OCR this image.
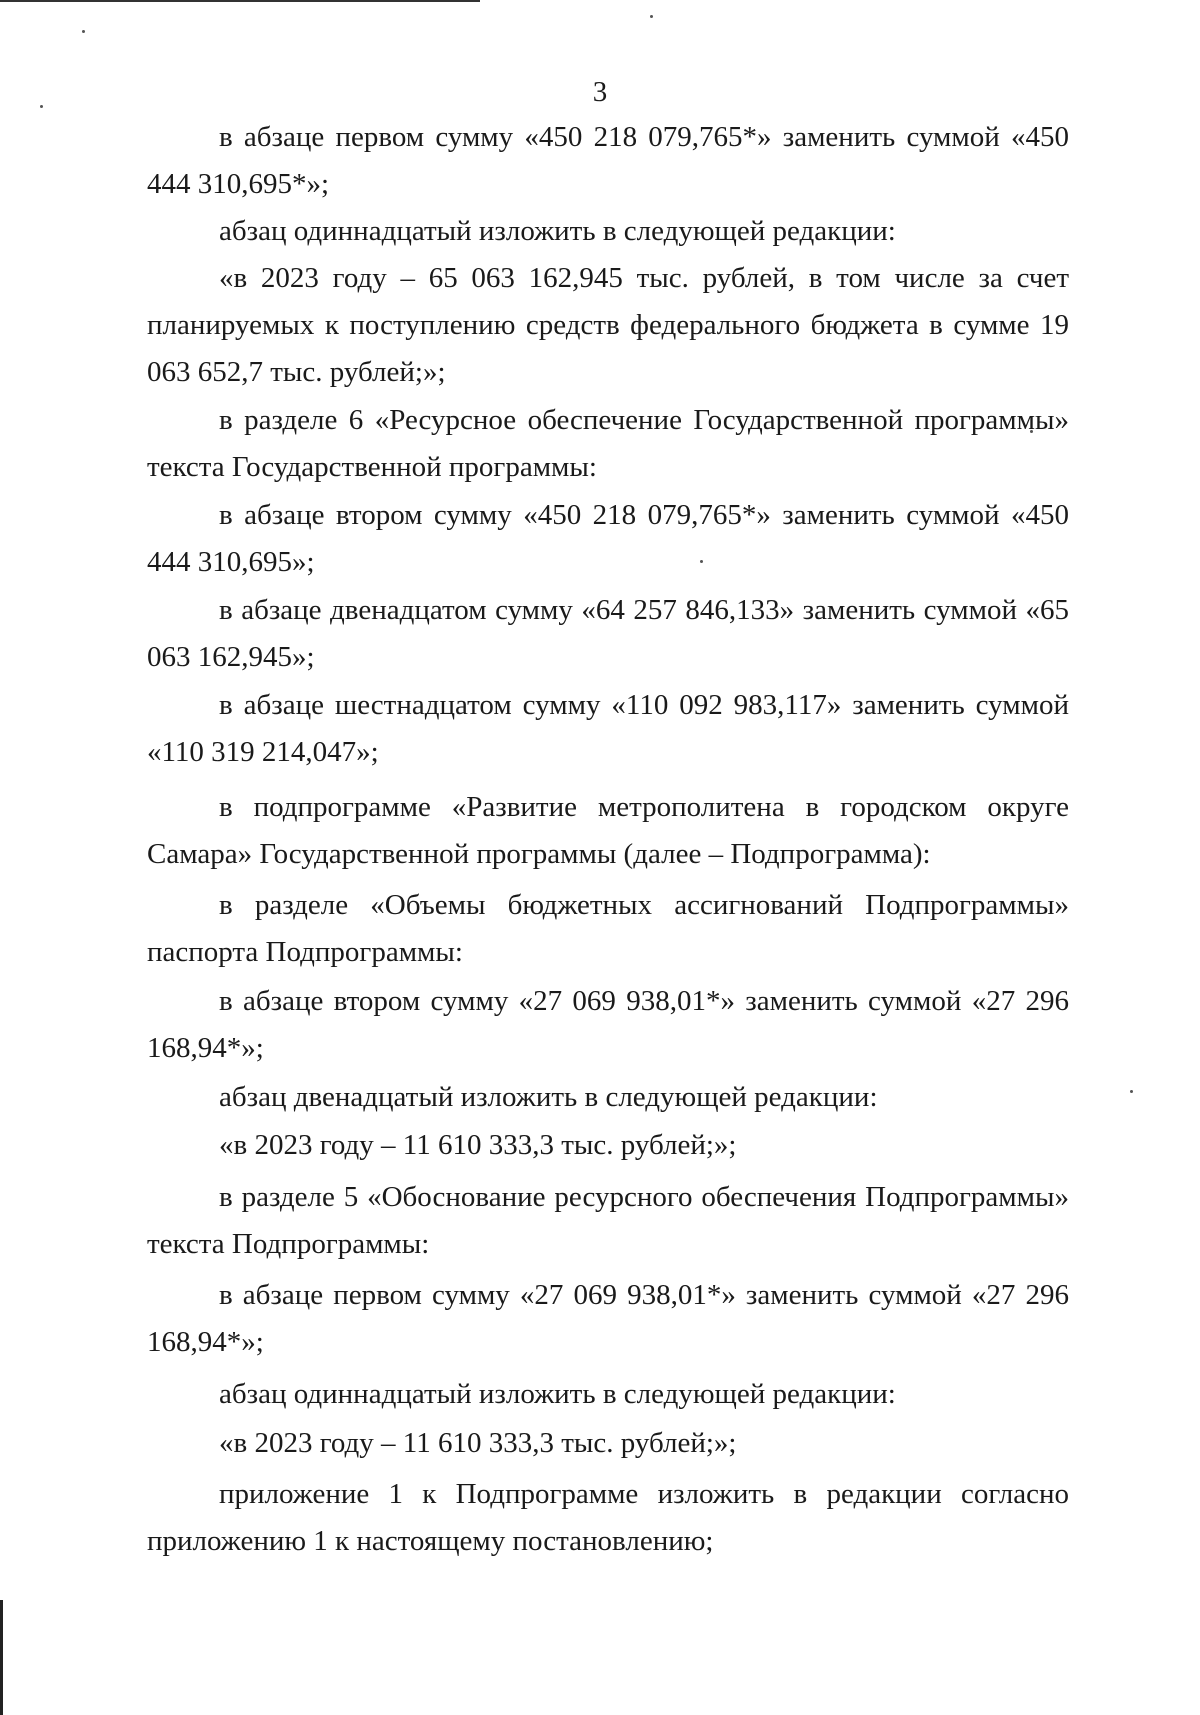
3

в абзаце первом сумму «450 218 079,765*» заменить суммой «450 444 310,695*»;

абзац одиннадцатый изложить в следующей редакции:

«в 2023 году – 65 063 162,945 тыс. рублей, в том числе за счет планируемых к поступлению средств федерального бюджета в сумме 19 063 652,7 тыс. рублей;»;

в разделе 6 «Ресурсное обеспечение Государственной программы» текста Государственной программы:

в абзаце втором сумму «450 218 079,765*» заменить суммой «450 444 310,695»;

в абзаце двенадцатом сумму «64 257 846,133» заменить суммой «65 063 162,945»;

в абзаце шестнадцатом сумму «110 092 983,117» заменить суммой «110 319 214,047»;

в подпрограмме «Развитие метрополитена в городском округе Самара» Государственной программы (далее – Подпрограмма):

в разделе «Объемы бюджетных ассигнований Подпрограммы» паспорта Подпрограммы:

в абзаце втором сумму «27 069 938,01*» заменить суммой «27 296 168,94*»;

абзац двенадцатый изложить в следующей редакции:

«в 2023 году – 11 610 333,3 тыс. рублей;»;

в разделе 5 «Обоснование ресурсного обеспечения Подпрограммы» текста Подпрограммы:

в абзаце первом сумму «27 069 938,01*» заменить суммой «27 296 168,94*»;

абзац одиннадцатый изложить в следующей редакции:

«в 2023 году – 11 610 333,3 тыс. рублей;»;

приложение 1 к Подпрограмме изложить в редакции согласно приложению 1 к настоящему постановлению;
